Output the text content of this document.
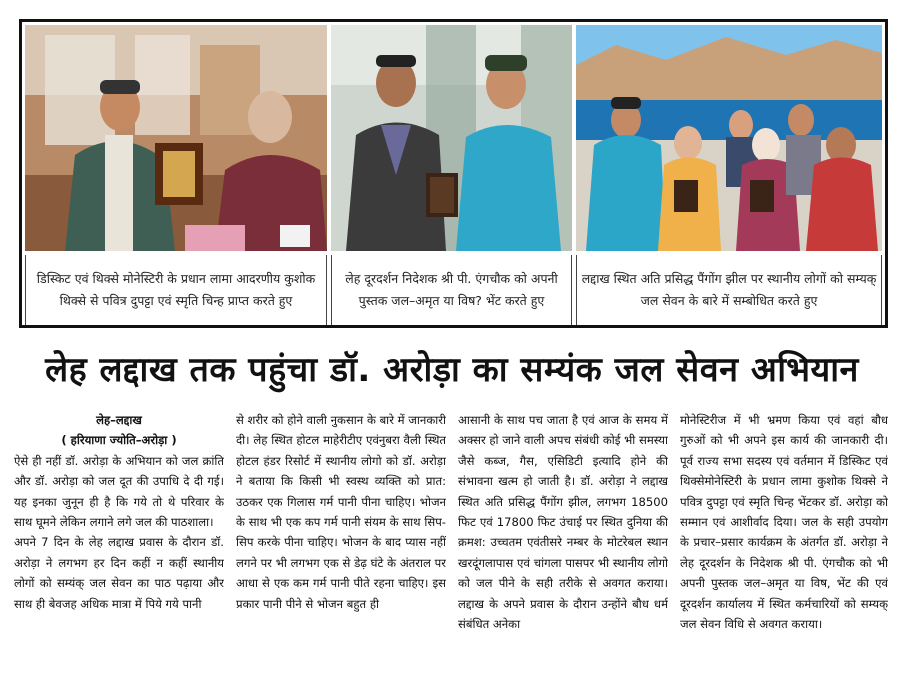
डिस्किट एवं थिक्से मोनेस्टिरी के प्रधान लामा आदरणीय कुशोक थिक्से से पवित्र दुपट्टा एवं स्मृति चिन्ह प्राप्त करते हुए
लेह दूरदर्शन निदेशक श्री पी. एंगचौक को अपनी पुस्तक जल–अमृत या विष? भेंट करते हुए
लद्दाख स्थित अति प्रसिद्ध पैंगोंग झील पर स्थानीय लोगों को सम्यक् जल सेवन के बारे में सम्बोधित करते हुए
लेह लद्दाख तक पहुंचा डॉ. अरोड़ा का सम्यंक जल सेवन अभियान
लेह–लद्दाख
( हरियाणा ज्योति–अरोड़ा )

ऐसे ही नहीं डॉ. अरोड़ा के अभियान को जल क्रांति और डॉ. अरोड़ा को जल दूत की उपाधि दे दी गई। यह इनका जुनून ही है कि गये तो थे परिवार के साथ घूमने लेकिन लगाने लगे जल की पाठशाला।

अपने 7 दिन के लेह लद्दाख प्रवास के दौरान डॉ. अरोड़ा ने लगभग हर दिन कहीं न कहीं स्थानीय लोगों को सम्यंक् जल सेवन का पाठ पढ़ाया और साथ ही बेवजह अधिक मात्रा में पिये गये पानी

से शरीर को होने वाली नुकसान के बारे में जानकारी दी। लेह स्थित होटल माहेरीटीए एवंनुबरा वैली स्थित होटल हंडर रिसोर्ट में स्थानीय लोगो को डॉ. अरोड़ा ने बताया कि किसी भी स्वस्थ व्यक्ति को प्रात: उठकर एक गिलास गर्म पानी पीना चाहिए। भोजन के साथ भी एक कप गर्म पानी संयम के साथ सिप-सिप करके पीना चाहिए। भोजन के बाद प्यास नहीं लगने पर भी लगभग एक से डेढ़ घंटे के अंतराल पर आधा से एक कम गर्म पानी पीते रहना चाहिए। इस प्रकार पानी पीने से भोजन बहुत ही

आसानी के साथ पच जाता है एवं आज के समय में अक्सर हो जाने वाली अपच संबंधी कोई भी समस्या जैसे कब्ज, गैस, एसिडिटी इत्यादि होने की संभावना खत्म हो जाती है। डॉ. अरोड़ा ने लद्दाख स्थित अति प्रसिद्ध पैंगोंग झील, लगभग 18500 फिट एवं 17800 फिट उंचाई पर स्थित दुनिया की क्रमश: उच्चतम एवंतीसरे नम्बर के मोटरेबल स्थान खरदूंगलापास एवं चांगला पासपर भी स्थानीय लोगो को जल पीने के सही तरीके से अवगत कराया। लद्दाख के अपने प्रवास के दौरान उन्होंने बौध धर्म संबंधित अनेका

मोनेस्टिरीज में भी भ्रमण किया एवं वहां बौध गुरुओं को भी अपने इस कार्य की जानकारी दी। पूर्व राज्य सभा सदस्य एवं वर्तमान में डिस्किट एवं थिक्सेमोनेस्टिरी के प्रधान लामा कुशोक थिक्से ने पवित्र दुपट्टा एवं स्मृति चिन्ह भेंटकर डॉ. अरोड़ा को सम्मान एवं आशीर्वाद दिया। जल के सही उपयोग के प्रचार–प्रसार कार्यक्रम के अंतर्गत डॉ. अरोड़ा ने लेह दूरदर्शन के निदेशक श्री पी. एंगचौक को भी अपनी पुस्तक जल–अमृत या विष, भेंट की एवं दूरदर्शन कार्यालय में स्थित कर्मचारियों को सम्यक् जल सेवन विधि से अवगत कराया।
